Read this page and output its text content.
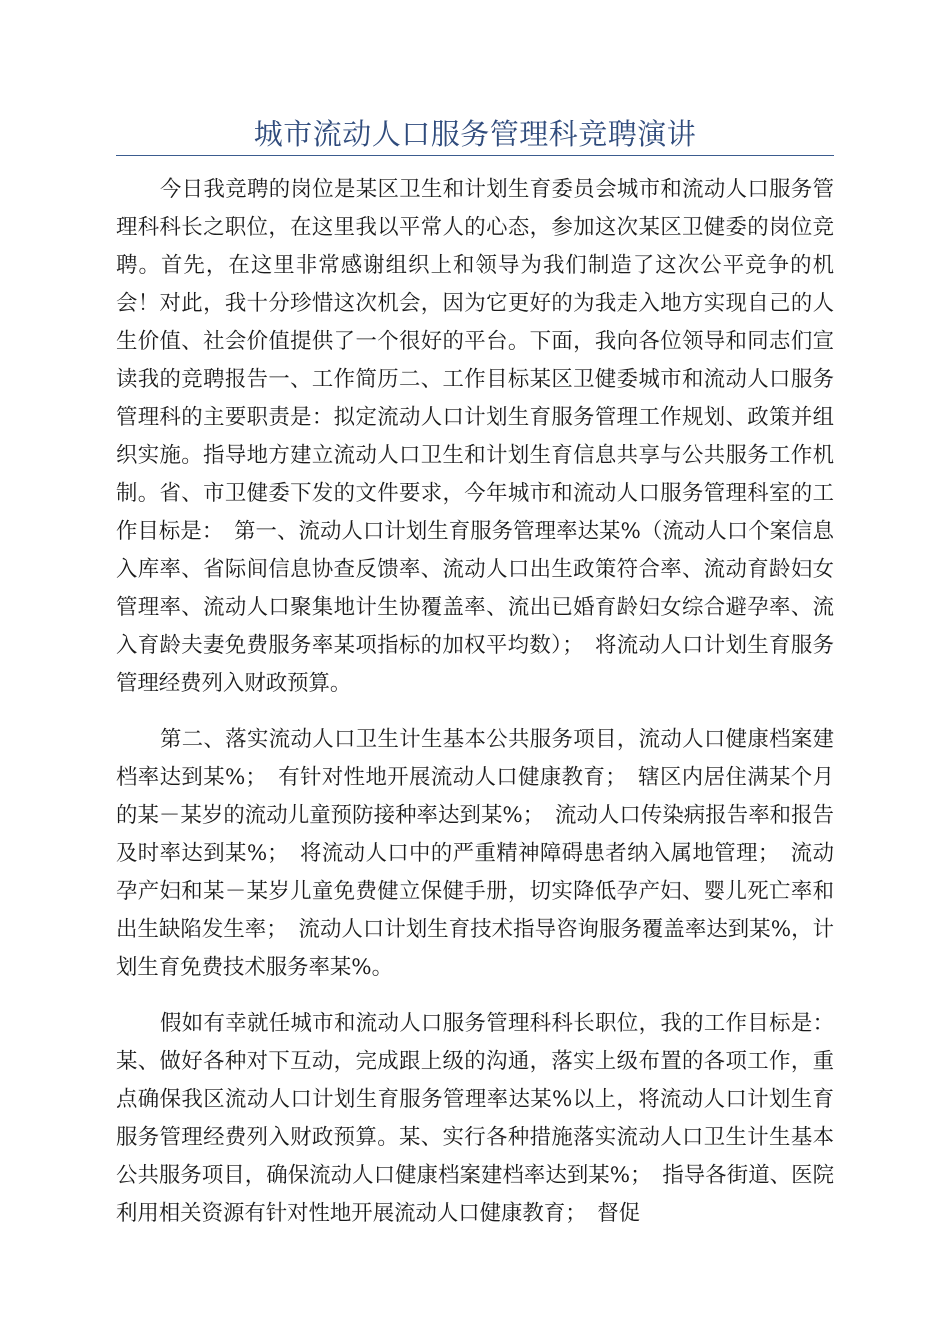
城市流动人口服务管理科竞聘演讲

今日我竞聘的岗位是某区卫生和计划生育委员会城市和流动人口服务管理科科长之职位，在这里我以平常人的心态，参加这次某区卫健委的岗位竞聘。首先，在这里非常感谢组织上和领导为我们制造了这次公平竞争的机会！对此，我十分珍惜这次机会，因为它更好的为我走入地方实现自己的人生价值、社会价值提供了一个很好的平台。下面，我向各位领导和同志们宣读我的竞聘报告一、工作简历二、工作目标某区卫健委城市和流动人口服务管理科的主要职责是：拟定流动人口计划生育服务管理工作规划、政策并组织实施。指导地方建立流动人口卫生和计划生育信息共享与公共服务工作机制。省、市卫健委下发的文件要求，今年城市和流动人口服务管理科室的工作目标是：　第一、流动人口计划生育服务管理率达某%（流动人口个案信息入库率、省际间信息协查反馈率、流动人口出生政策符合率、流动育龄妇女管理率、流动人口聚集地计生协覆盖率、流出已婚育龄妇女综合避孕率、流入育龄夫妻免费服务率某项指标的加权平均数）；　将流动人口计划生育服务管理经费列入财政预算。

第二、落实流动人口卫生计生基本公共服务项目，流动人口健康档案建档率达到某%；　有针对性地开展流动人口健康教育；　辖区内居住满某个月的某－某岁的流动儿童预防接种率达到某%；　流动人口传染病报告率和报告及时率达到某%；　将流动人口中的严重精神障碍患者纳入属地管理；　流动孕产妇和某－某岁儿童免费健立保健手册，切实降低孕产妇、婴儿死亡率和出生缺陷发生率；　流动人口计划生育技术指导咨询服务覆盖率达到某%，计划生育免费技术服务率某%。

假如有幸就任城市和流动人口服务管理科科长职位，我的工作目标是：某、做好各种对下互动，完成跟上级的沟通，落实上级布置的各项工作，重点确保我区流动人口计划生育服务管理率达某%以上，将流动人口计划生育服务管理经费列入财政预算。某、实行各种措施落实流动人口卫生计生基本公共服务项目，确保流动人口健康档案建档率达到某%；　指导各街道、医院利用相关资源有针对性地开展流动人口健康教育；　督促
